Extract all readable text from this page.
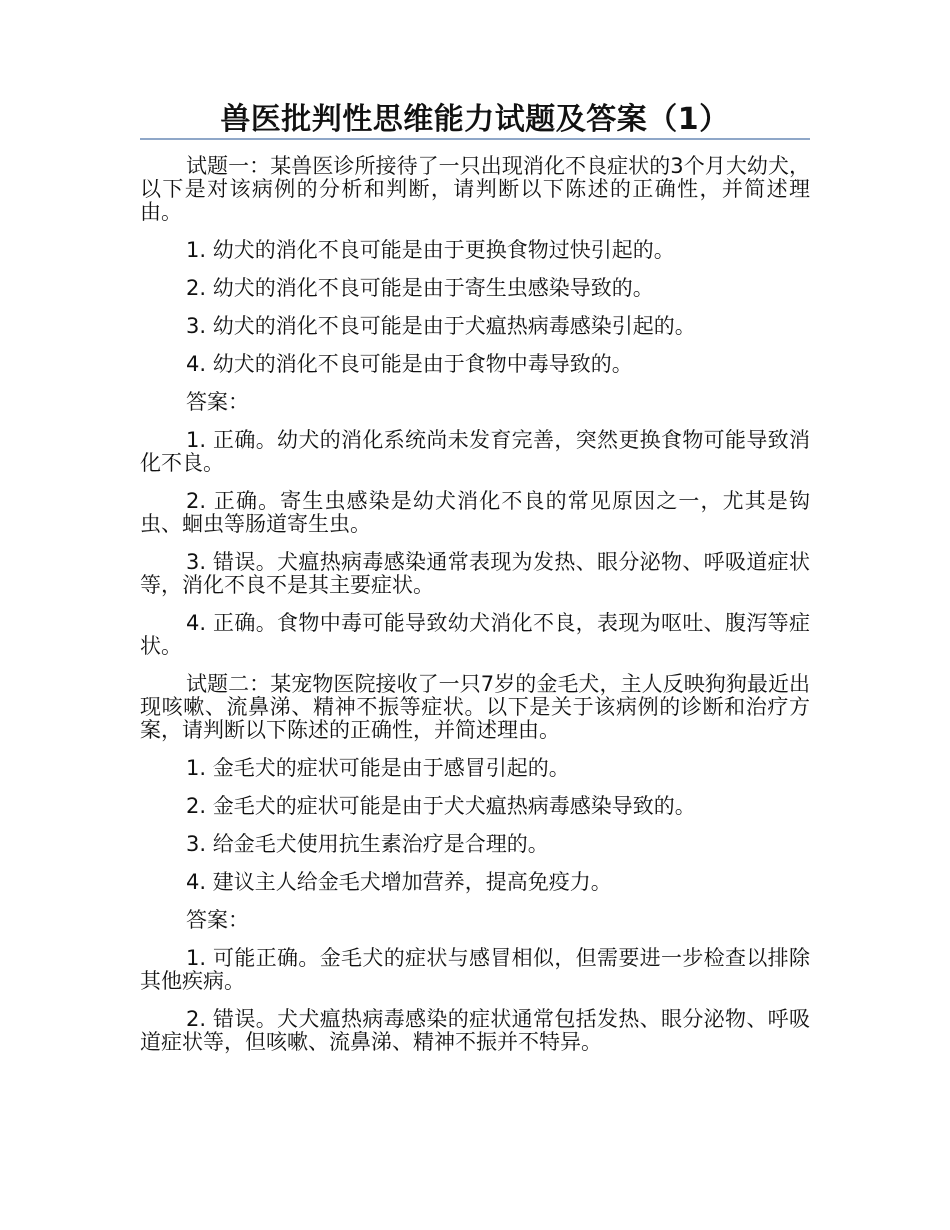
兽医批判性思维能力试题及答案（1）

试题一：某兽医诊所接待了一只出现消化不良症状的3个月大幼犬，以下是对该病例的分析和判断，请判断以下陈述的正确性，并简述理由。

1. 幼犬的消化不良可能是由于更换食物过快引起的。

2. 幼犬的消化不良可能是由于寄生虫感染导致的。

3. 幼犬的消化不良可能是由于犬瘟热病毒感染引起的。

4. 幼犬的消化不良可能是由于食物中毒导致的。

答案：

1. 正确。幼犬的消化系统尚未发育完善，突然更换食物可能导致消化不良。

2. 正确。寄生虫感染是幼犬消化不良的常见原因之一，尤其是钩虫、蛔虫等肠道寄生虫。

3. 错误。犬瘟热病毒感染通常表现为发热、眼分泌物、呼吸道症状等，消化不良不是其主要症状。

4. 正确。食物中毒可能导致幼犬消化不良，表现为呕吐、腹泻等症状。

试题二：某宠物医院接收了一只7岁的金毛犬，主人反映狗狗最近出现咳嗽、流鼻涕、精神不振等症状。以下是关于该病例的诊断和治疗方案，请判断以下陈述的正确性，并简述理由。

1. 金毛犬的症状可能是由于感冒引起的。

2. 金毛犬的症状可能是由于犬犬瘟热病毒感染导致的。

3. 给金毛犬使用抗生素治疗是合理的。

4. 建议主人给金毛犬增加营养，提高免疫力。

答案：

1. 可能正确。金毛犬的症状与感冒相似，但需要进一步检查以排除其他疾病。

2. 错误。犬犬瘟热病毒感染的症状通常包括发热、眼分泌物、呼吸道症状等，但咳嗽、流鼻涕、精神不振并不特异。
